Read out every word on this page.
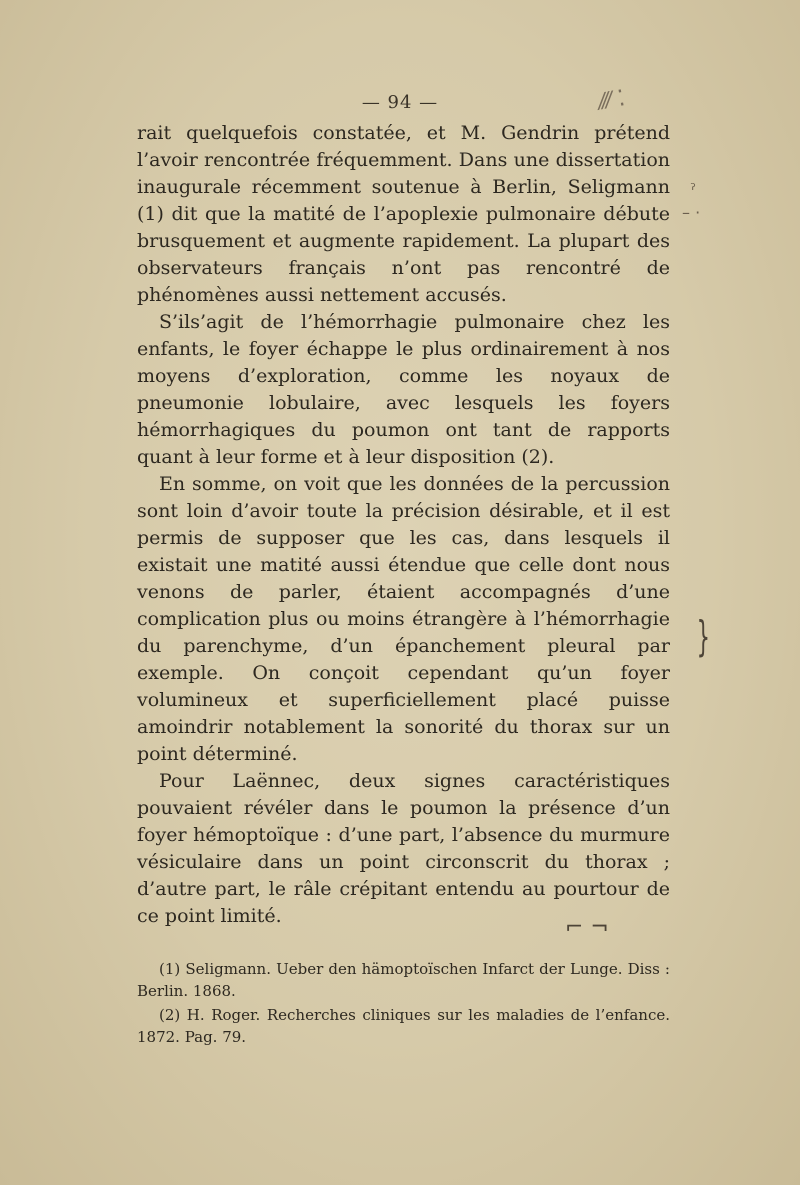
— 94 —	⁄⁄⁄ ⁚
ˀ
– ·
}
⌐ ¬

rait quelquefois constatée, et M. Gendrin prétend l’avoir rencontrée fréquemment. Dans une dissertation inaugurale récemment soutenue à Berlin, Seligmann (1) dit que la matité de l’apoplexie pulmonaire débute brusquement et augmente rapidement. La plupart des observateurs français n’ont pas rencontré de phénomènes aussi nettement accusés.

S’ils’agit de l’hémorrhagie pulmonaire chez les enfants, le foyer échappe le plus ordinairement à nos moyens d’exploration, comme les noyaux de pneumonie lobulaire, avec lesquels les foyers hémorrhagiques du poumon ont tant de rapports quant à leur forme et à leur disposition (2).

En somme, on voit que les données de la percussion sont loin d’avoir toute la précision désirable, et il est permis de supposer que les cas, dans lesquels il existait une matité aussi étendue que celle dont nous venons de parler, étaient accompagnés d’une complication plus ou moins étrangère à l’hémorrhagie du parenchyme, d’un épanchement pleural par exemple. On conçoit cependant qu’un foyer volumineux et superficiellement placé puisse amoindrir notablement la sonorité du thorax sur un point déterminé.

Pour Laënnec, deux signes caractéristiques pouvaient révéler dans le poumon la présence d’un foyer hémoptoïque : d’une part, l’absence du murmure vésiculaire dans un point circonscrit du thorax ; d’autre part, le râle crépitant entendu au pourtour de ce point limité.

(1) Seligmann. Ueber den hämoptoïschen Infarct der Lunge. Diss : Berlin. 1868.

(2) H. Roger. Recherches cliniques sur les maladies de l’enfance. 1872. Pag. 79.
